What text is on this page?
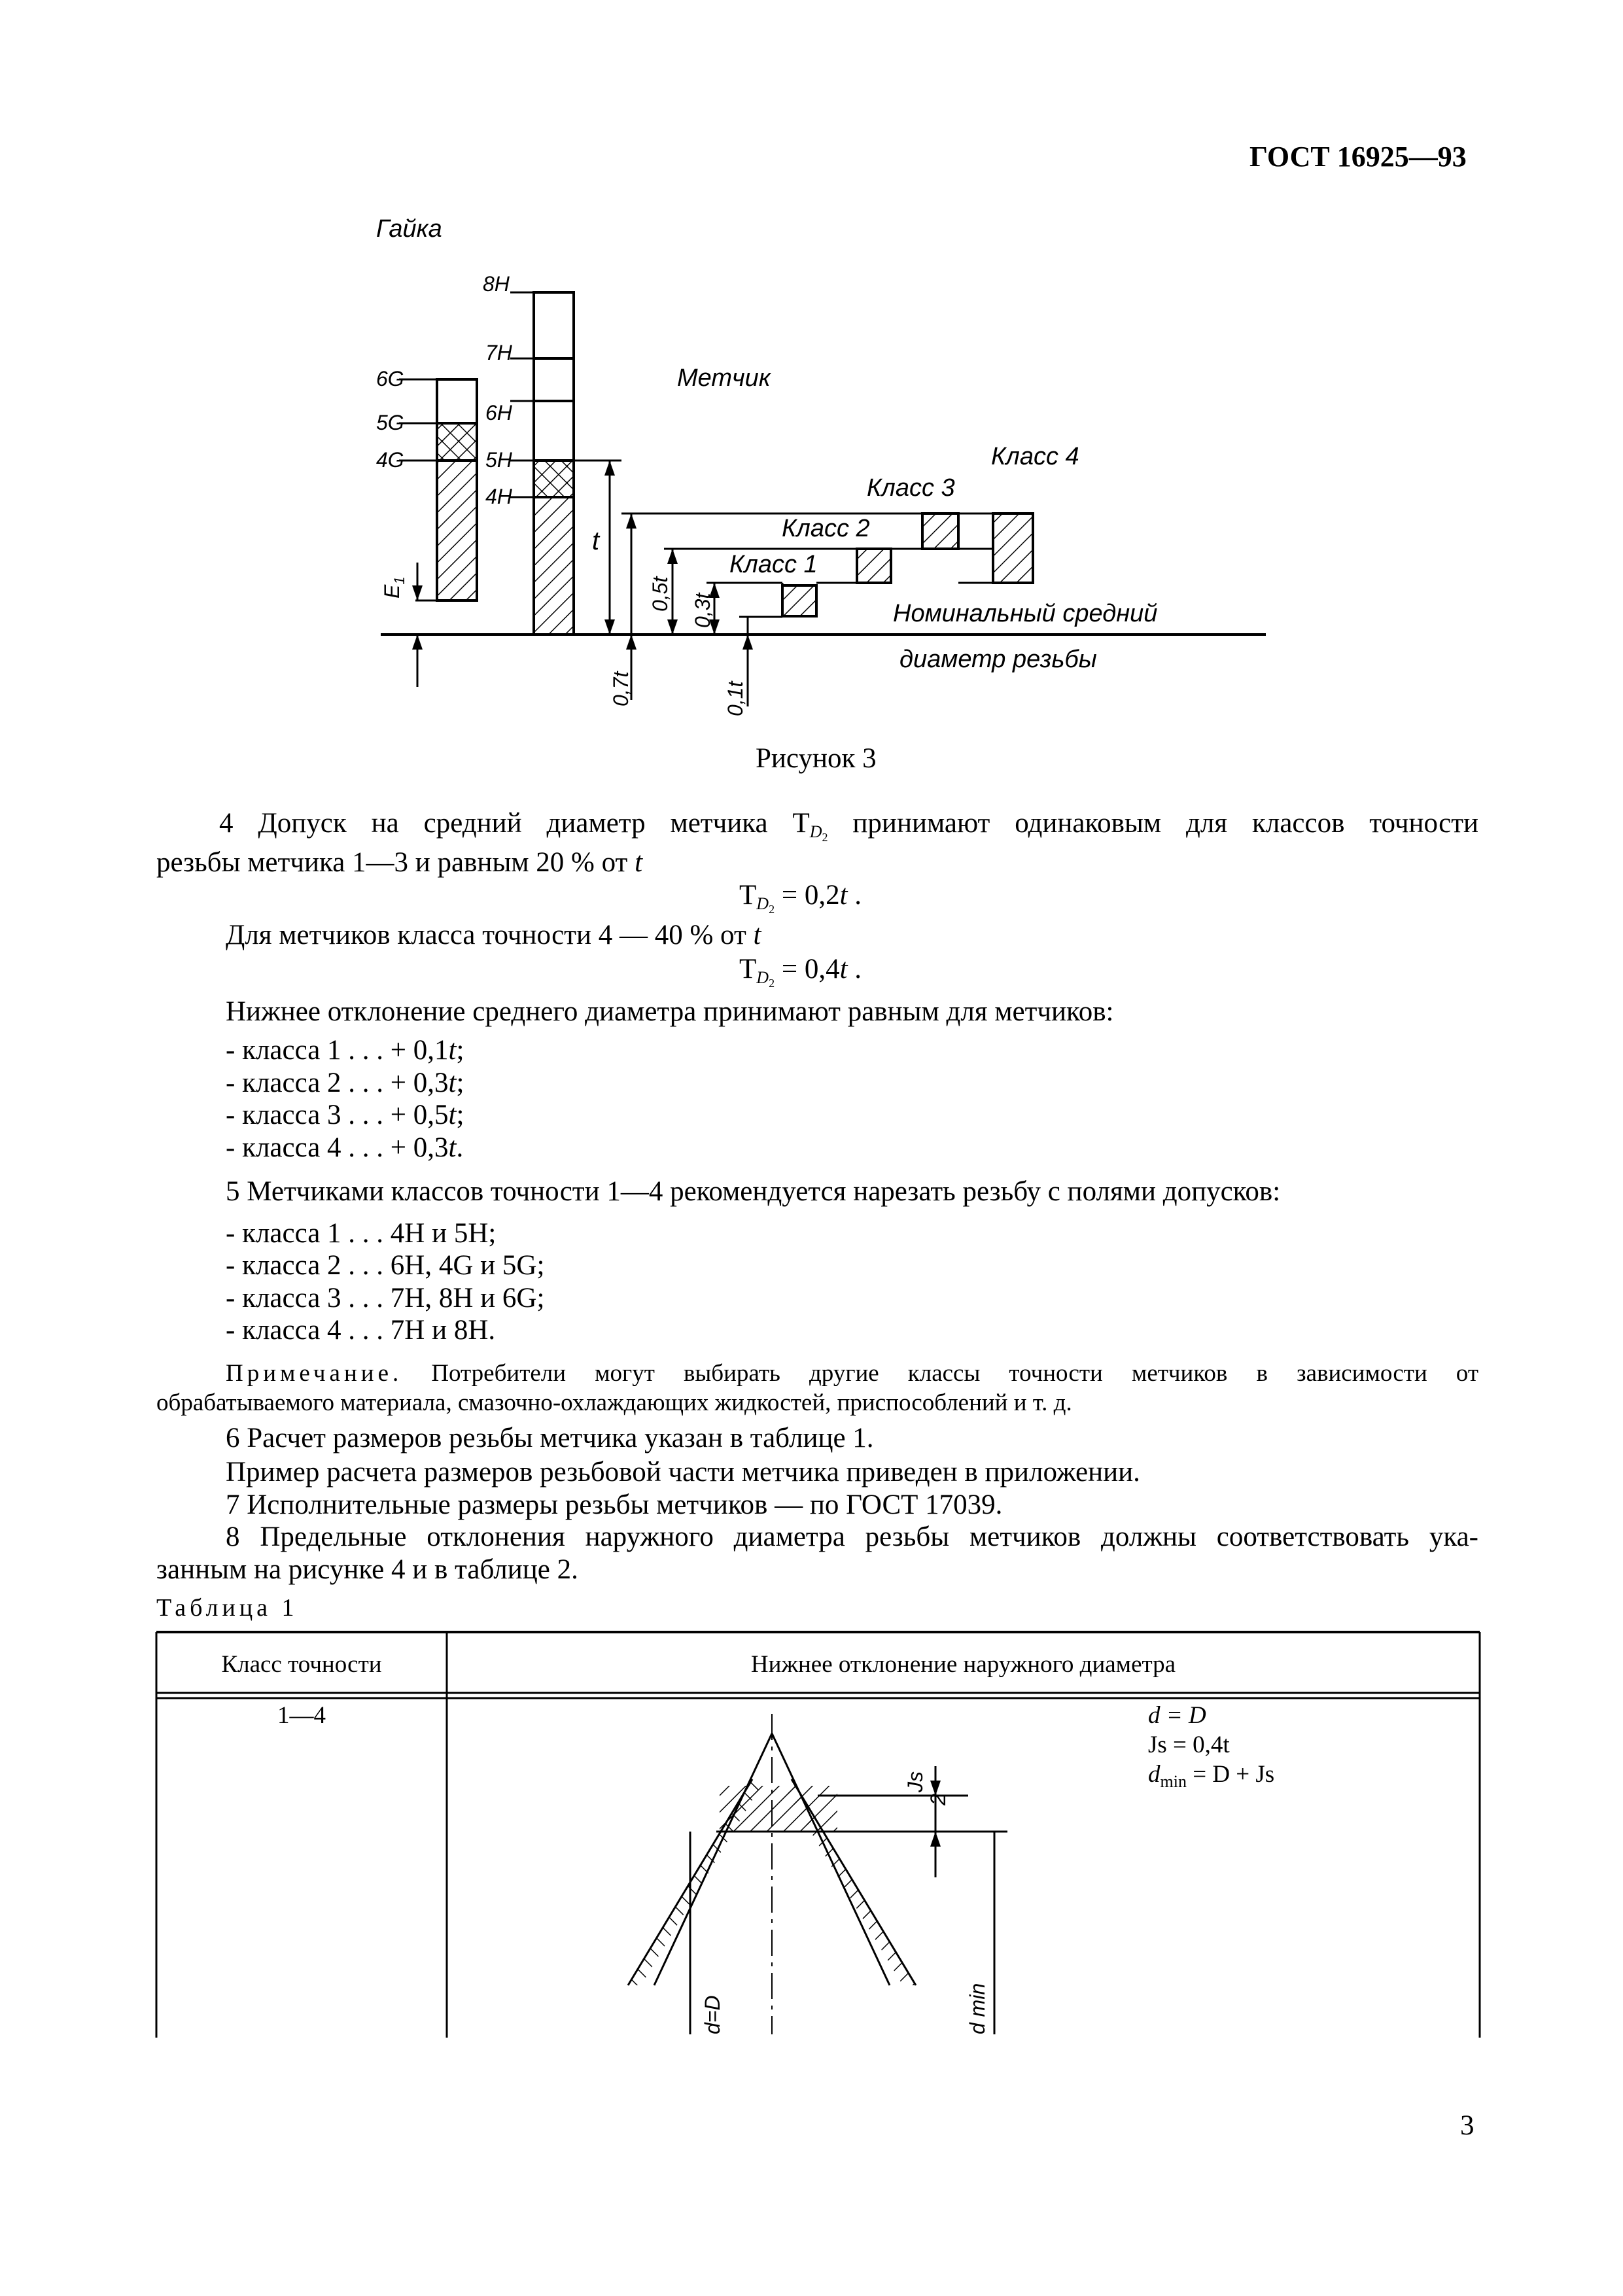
ГОСТ 16925—93
Гайка
Метчик
Класс 4
Класс 3
Класс 2
Класс 1
Номинальный средний
диаметр резьбы
6G
5G
4G
8H
7H
6H
5H
4H
$E_1$
t
0,7t
0,5t 0,3t
0,1t
Js
2
d=D	d min
Рисунок 3
4 Допуск на средний диаметр метчика $T_{D_2}$ принимают одинаковым для классов точности
резьбы метчика 1—3 и равным 20 % от t
$T_{D_2} = 0,2t$ .
Для метчиков класса точности 4 — 40 % от t
$T_{D_2} = 0,4t$ .
Нижнее отклонение среднего диаметра принимают равным для метчиков:
- класса 1 . . . + 0,1t;
- класса 2 . . . + 0,3t;
- класса 3 . . . + 0,5t;
- класса 4 . . . + 0,3t.
5 Метчиками классов точности 1—4 рекомендуется нарезать резьбу с полями допусков:
- класса 1 . . . 4H и 5H;
- класса 2 . . . 6H, 4G и 5G;
- класса 3 . . . 7H, 8H и 6G;
- класса 4 . . . 7H и 8H.
Примечание. Потребители могут выбирать другие классы точности метчиков в зависимости от
обрабатываемого материала, смазочно-охлаждающих жидкостей, приспособлений и т. д.
6 Расчет размеров резьбы метчика указан в таблице 1.
Пример расчета размеров резьбовой части метчика приведен в приложении.
7 Исполнительные размеры резьбы метчиков — по ГОСТ 17039.
8 Предельные отклонения наружного диаметра резьбы метчиков должны соответствовать ука-
занным на рисунке 4 и в таблице 2.
Таблица 1
Класс точности	Нижнее отклонение наружного диаметра
1—4	d = D
Js = 0,4t
$d_{min} = D + Js$
3
